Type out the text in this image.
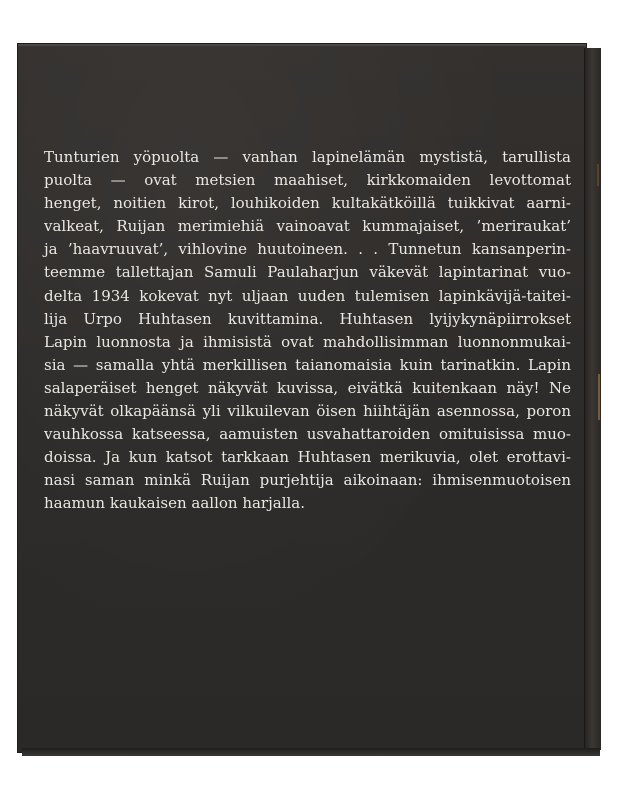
Tunturien yöpuolta — vanhan lapinelämän mystistä, tarullista
puolta — ovat metsien maahiset, kirkkomaiden levottomat
henget, noitien kirot, louhikoiden kultakätköillä tuikkivat aarni-
valkeat, Ruijan merimiehiä vainoavat kummajaiset, ’meriraukat’
ja ’haavruuvat’, vihlovine huutoineen. . . Tunnetun kansanperin-
teemme tallettajan Samuli Paulaharjun väkevät lapintarinat vuo-
delta 1934 kokevat nyt uljaan uuden tulemisen lapinkävijä-taitei-
lija Urpo Huhtasen kuvittamina. Huhtasen lyijykynäpiirrokset
Lapin luonnosta ja ihmisistä ovat mahdollisimman luonnonmukai-
sia — samalla yhtä merkillisen taianomaisia kuin tarinatkin. Lapin
salaperäiset henget näkyvät kuvissa, eivätkä kuitenkaan näy! Ne
näkyvät olkapäänsä yli vilkuilevan öisen hiihtäjän asennossa, poron
vauhkossa katseessa, aamuisten usvahattaroiden omituisissa muo-
doissa. Ja kun katsot tarkkaan Huhtasen merikuvia, olet erottavi-
nasi saman minkä Ruijan purjehtija aikoinaan: ihmisenmuotoisen
haamun kaukaisen aallon harjalla.
